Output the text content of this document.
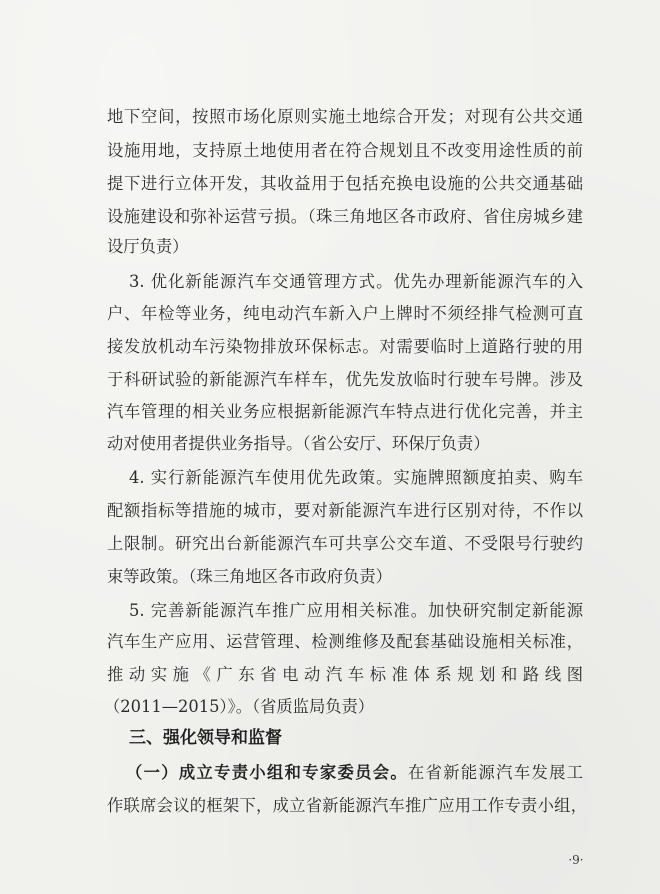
地下空间，按照市场化原则实施土地综合开发；对现有公共交通
设施用地，支持原土地使用者在符合规划且不改变用途性质的前
提下进行立体开发，其收益用于包括充换电设施的公共交通基础
设施建设和弥补运营亏损。（珠三角地区各市政府、省住房城乡建
设厅负责）
3. 优化新能源汽车交通管理方式。优先办理新能源汽车的入
户、年检等业务，纯电动汽车新入户上牌时不须经排气检测可直
接发放机动车污染物排放环保标志。对需要临时上道路行驶的用
于科研试验的新能源汽车样车，优先发放临时行驶车号牌。涉及
汽车管理的相关业务应根据新能源汽车特点进行优化完善，并主
动对使用者提供业务指导。（省公安厅、环保厅负责）
4. 实行新能源汽车使用优先政策。实施牌照额度拍卖、购车
配额指标等措施的城市，要对新能源汽车进行区别对待，不作以
上限制。研究出台新能源汽车可共享公交车道、不受限号行驶约
束等政策。（珠三角地区各市政府负责）
5. 完善新能源汽车推广应用相关标准。加快研究制定新能源
汽车生产应用、运营管理、检测维修及配套基础设施相关标准，
推动实施《广东省电动汽车标准体系规划和路线图
（2011—2015）》。（省质监局负责）
三、强化领导和监督
（一）成立专责小组和专家委员会。在省新能源汽车发展工
作联席会议的框架下，成立省新能源汽车推广应用工作专责小组，
·9·
